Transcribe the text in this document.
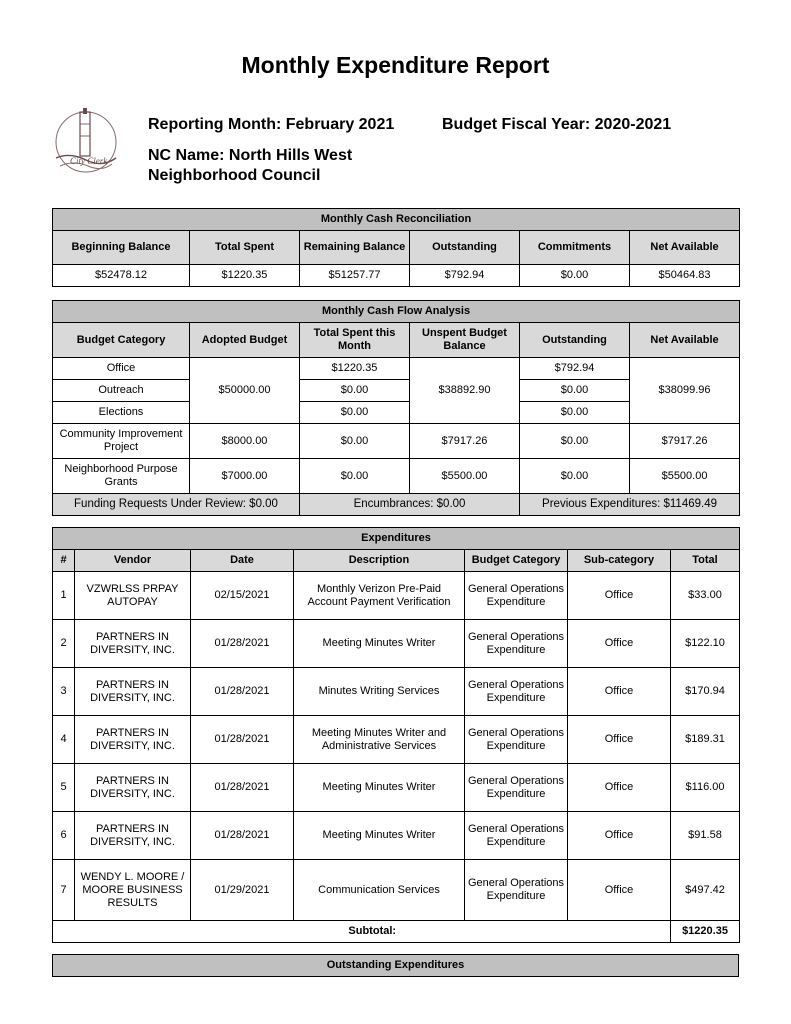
Monthly Expenditure Report
City Clerk
Reporting Month: February 2021	Budget Fiscal Year: 2020-2021
NC Name: North Hills West
Neighborhood Council
Monthly Cash Reconciliation					
Beginning Balance	Total Spent	Remaining Balance	Outstanding	Commitments	Net Available
$52478.12	$1220.35	$51257.77	$792.94	$0.00	$50464.83
Monthly Cash Flow Analysis					
Budget Category	Adopted Budget	Total Spent this Month	Unspent Budget Balance	Outstanding	Net Available
Office	$50000.00	$1220.35	$38892.90	$792.94	$38099.96
Outreach		$0.00		$0.00	
Elections		$0.00		$0.00	
Community Improvement Project	$8000.00	$0.00	$7917.26	$0.00	$7917.26
Neighborhood Purpose Grants	$7000.00	$0.00	$5500.00	$0.00	$5500.00
Funding Requests Under Review: $0.00		Encumbrances: $0.00		Previous Expenditures: $11469.49	
Expenditures						
#	Vendor	Date	Description	Budget Category	Sub-category	Total
1	VZWRLSS PRPAY AUTOPAY	02/15/2021	Monthly Verizon Pre-Paid Account Payment Verification	General Operations Expenditure	Office	$33.00
2	PARTNERS IN DIVERSITY, INC.	01/28/2021	Meeting Minutes Writer	General Operations Expenditure	Office	$122.10
3	PARTNERS IN DIVERSITY, INC.	01/28/2021	Minutes Writing Services	General Operations Expenditure	Office	$170.94
4	PARTNERS IN DIVERSITY, INC.	01/28/2021	Meeting Minutes Writer and Administrative Services	General Operations Expenditure	Office	$189.31
5	PARTNERS IN DIVERSITY, INC.	01/28/2021	Meeting Minutes Writer	General Operations Expenditure	Office	$116.00
6	PARTNERS IN DIVERSITY, INC.	01/28/2021	Meeting Minutes Writer	General Operations Expenditure	Office	$91.58
7	WENDY L. MOORE / MOORE BUSINESS RESULTS	01/29/2021	Communication Services	General Operations Expenditure	Office	$497.42
	Subtotal:					$1220.35
Outstanding Expenditures
